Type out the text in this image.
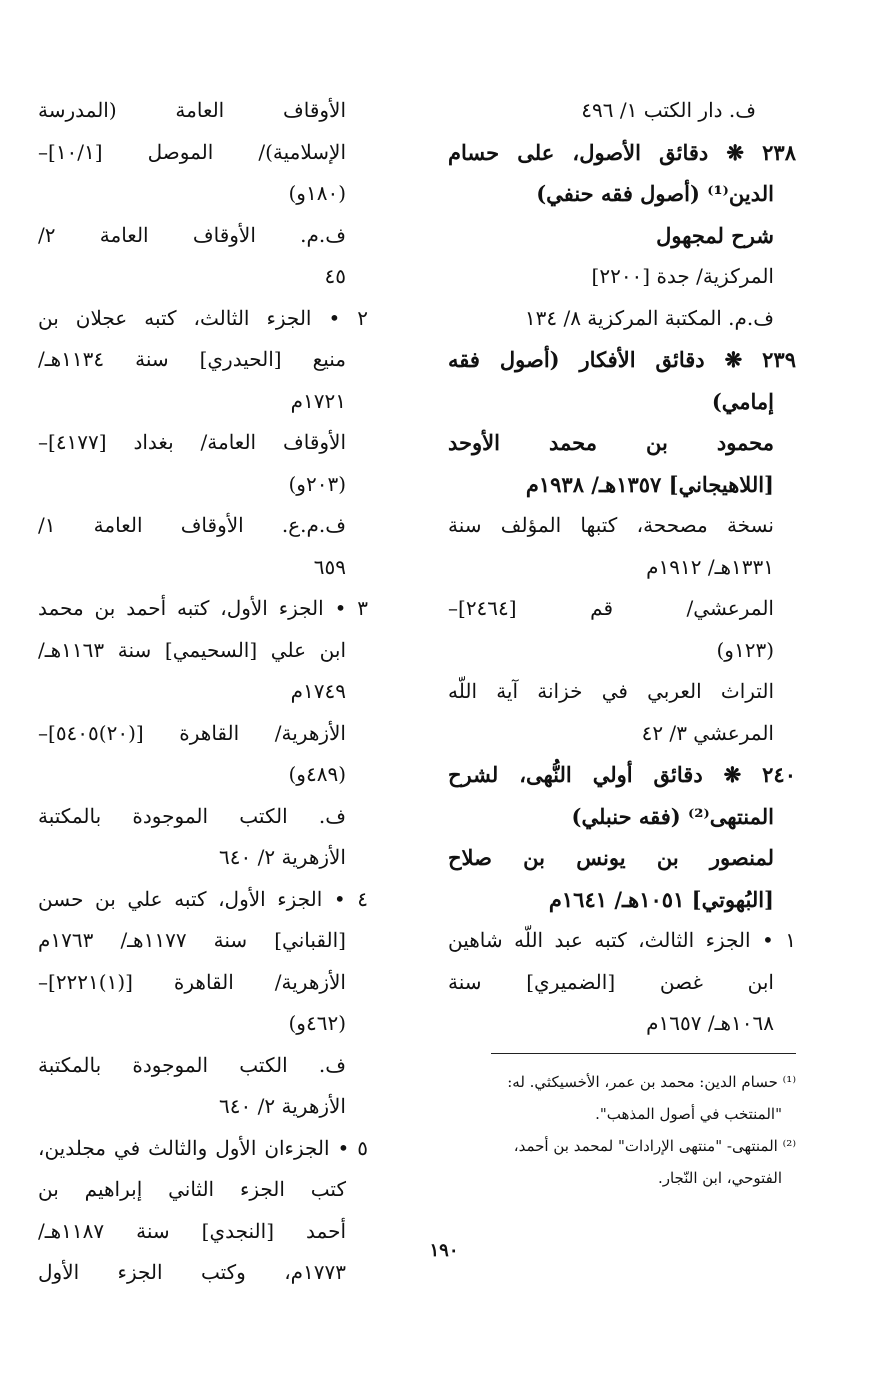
ف. دار الكتب ١/ ٤٩٦
٢٣٨ ❋ دقائق الأصول، على حسام
الدين⁽¹⁾ (أصول فقه حنفي)
شرح لمجهول
المركزية/ جدة [٢٢٠٠]
ف.م. المكتبة المركزية ٨/ ١٣٤
٢٣٩ ❋ دقائق الأفكار (أصول فقه
إمامي)
محمود بن محمد الأوحد
[اللاهيجاني] ١٣٥٧هـ/ ١٩٣٨م
نسخة مصححة، كتبها المؤلف سنة
١٣٣١هـ/ ١٩١٢م
المرعشي/ قم [٢٤٦٤]–
(١٢٣و)
التراث العربي في خزانة آية اللّه
المرعشي ٣/ ٤٢
٢٤٠ ❋ دقائق أولي النُّهى، لشرح
المنتهى⁽²⁾ (فقه حنبلي)
لمنصور بن يونس بن صلاح
[البُهوتي] ١٠٥١هـ/ ١٦٤١م
١ • الجزء الثالث، كتبه عبد اللّه شاهين
ابن غصن [الضميري] سنة
١٠٦٨هـ/ ١٦٥٧م
الأوقاف العامة (المدرسة
الإسلامية)/ الموصل [١٠/١]–
(١٨٠و)
ف.م. الأوقاف العامة ٢/
٤٥
٢ • الجزء الثالث، كتبه عجلان بن
منيع [الحيدري] سنة ١١٣٤هـ/
١٧٢١م
الأوقاف العامة/ بغداد [٤١٧٧]–
(٢٠٣و)
ف.م.ع. الأوقاف العامة ١/
٦٥٩
٣ • الجزء الأول، كتبه أحمد بن محمد
ابن علي [السحيمي] سنة ١١٦٣هـ/
١٧٤٩م
الأزهرية/ القاهرة [(٢٠)٥٤٠٥]–
(٤٨٩و)
ف. الكتب الموجودة بالمكتبة
الأزهرية ٢/ ٦٤٠
٤ • الجزء الأول، كتبه علي بن حسن
[القباني] سنة ١١٧٧هـ/ ١٧٦٣م
الأزهرية/ القاهرة [(١)٢٢٢١]–
(٤٦٢و)
ف. الكتب الموجودة بالمكتبة
الأزهرية ٢/ ٦٤٠
٥ • الجزءان الأول والثالث في مجلدين،
كتب الجزء الثاني إبراهيم بن
أحمد [النجدي] سنة ١١٨٧هـ/
١٧٧٣م، وكتب الجزء الأول
⁽¹⁾ حسام الدين: محمد بن عمر، الأخسيكثي. له:
"المنتخب في أصول المذهب".
⁽²⁾ المنتهى- "منتهى الإرادات" لمحمد بن أحمد،
الفتوحي، ابن النّجار.
١٩٠
